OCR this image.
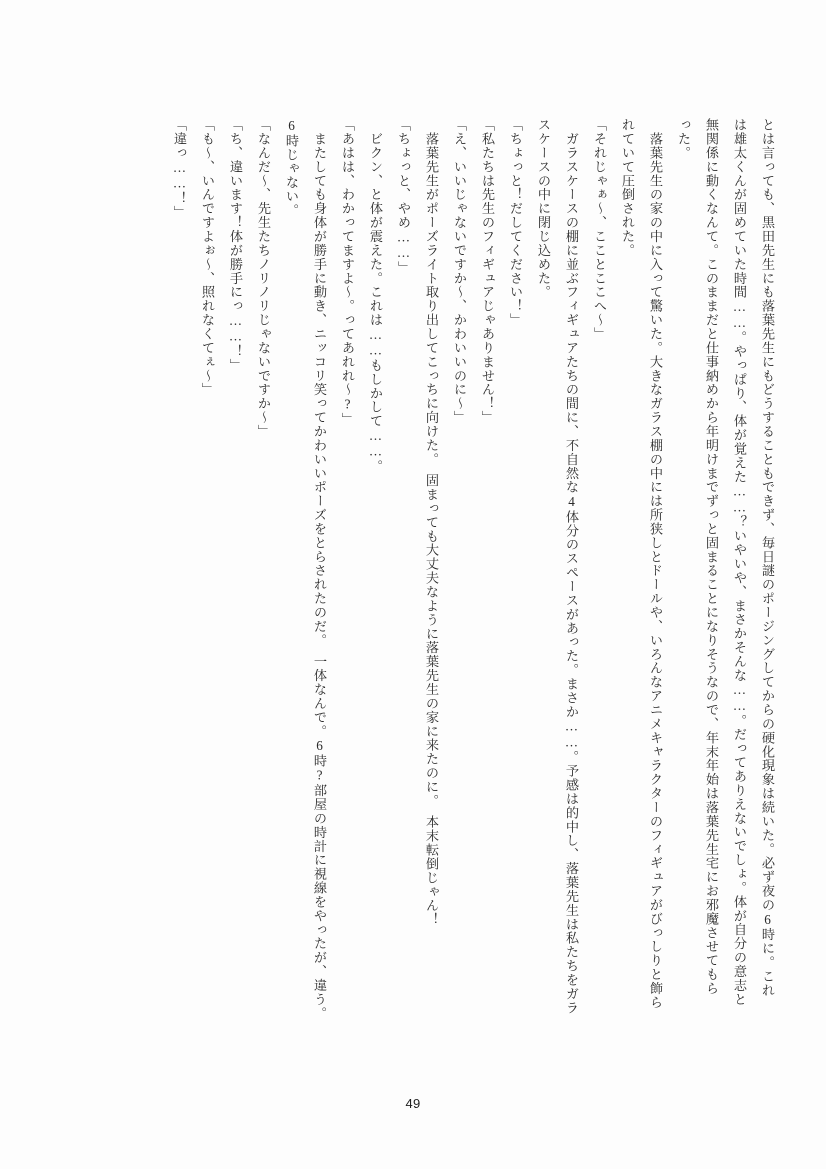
とは言っても、黒田先生にも落葉先生にもどうすることもできず、毎日謎のポージングしてからの硬化現象は続いた。必ず夜の6時に。これ
は雄太くんが固めていた時間……。やっぱり、体が覚えた……？いやいや、まさかそんな……。だってありえないでしょ。体が自分の意志と
無関係に動くなんて。このままだと仕事納めから年明けまでずっと固まることになりそうなので、年末年始は落葉先生宅にお邪魔させてもら
った。
　落葉先生の家の中に入って驚いた。大きなガラス棚の中には所狭しとドールや、いろんなアニメキャラクターのフィギュアがびっしりと飾ら
れていて圧倒された。
「それじゃぁ～、こことここへ～」
　ガラスケースの棚に並ぶフィギュアたちの間に、不自然な4体分のスペースがあった。まさか……。予感は的中し、落葉先生は私たちをガラ
スケースの中に閉じ込めた。
「ちょっと！だしてください！」
「私たちは先生のフィギュアじゃありません！」
「え、いいじゃないですか～、かわいいのに～」
　落葉先生がポーズライト取り出してこっちに向けた。　固まっても大丈夫なように落葉先生の家に来たのに。　本末転倒じゃん！
「ちょっと、やめ……」
　ビクン、と体が震えた。これは……もしかして……。
「あはは、わかってますよ～。ってあれれ～?」
　またしても身体が勝手に動き、ニッコリ笑ってかわいいポーズをとらされたのだ。　一体なんで。6時?部屋の時計に視線をやったが、違う。
6時じゃない。
「なんだ～、先生たちノリノリじゃないですか～」
「ち、違います！体が勝手にっ……！」
「も～、いんですよぉ～、照れなくてぇ～」
「違っ……！」
49
